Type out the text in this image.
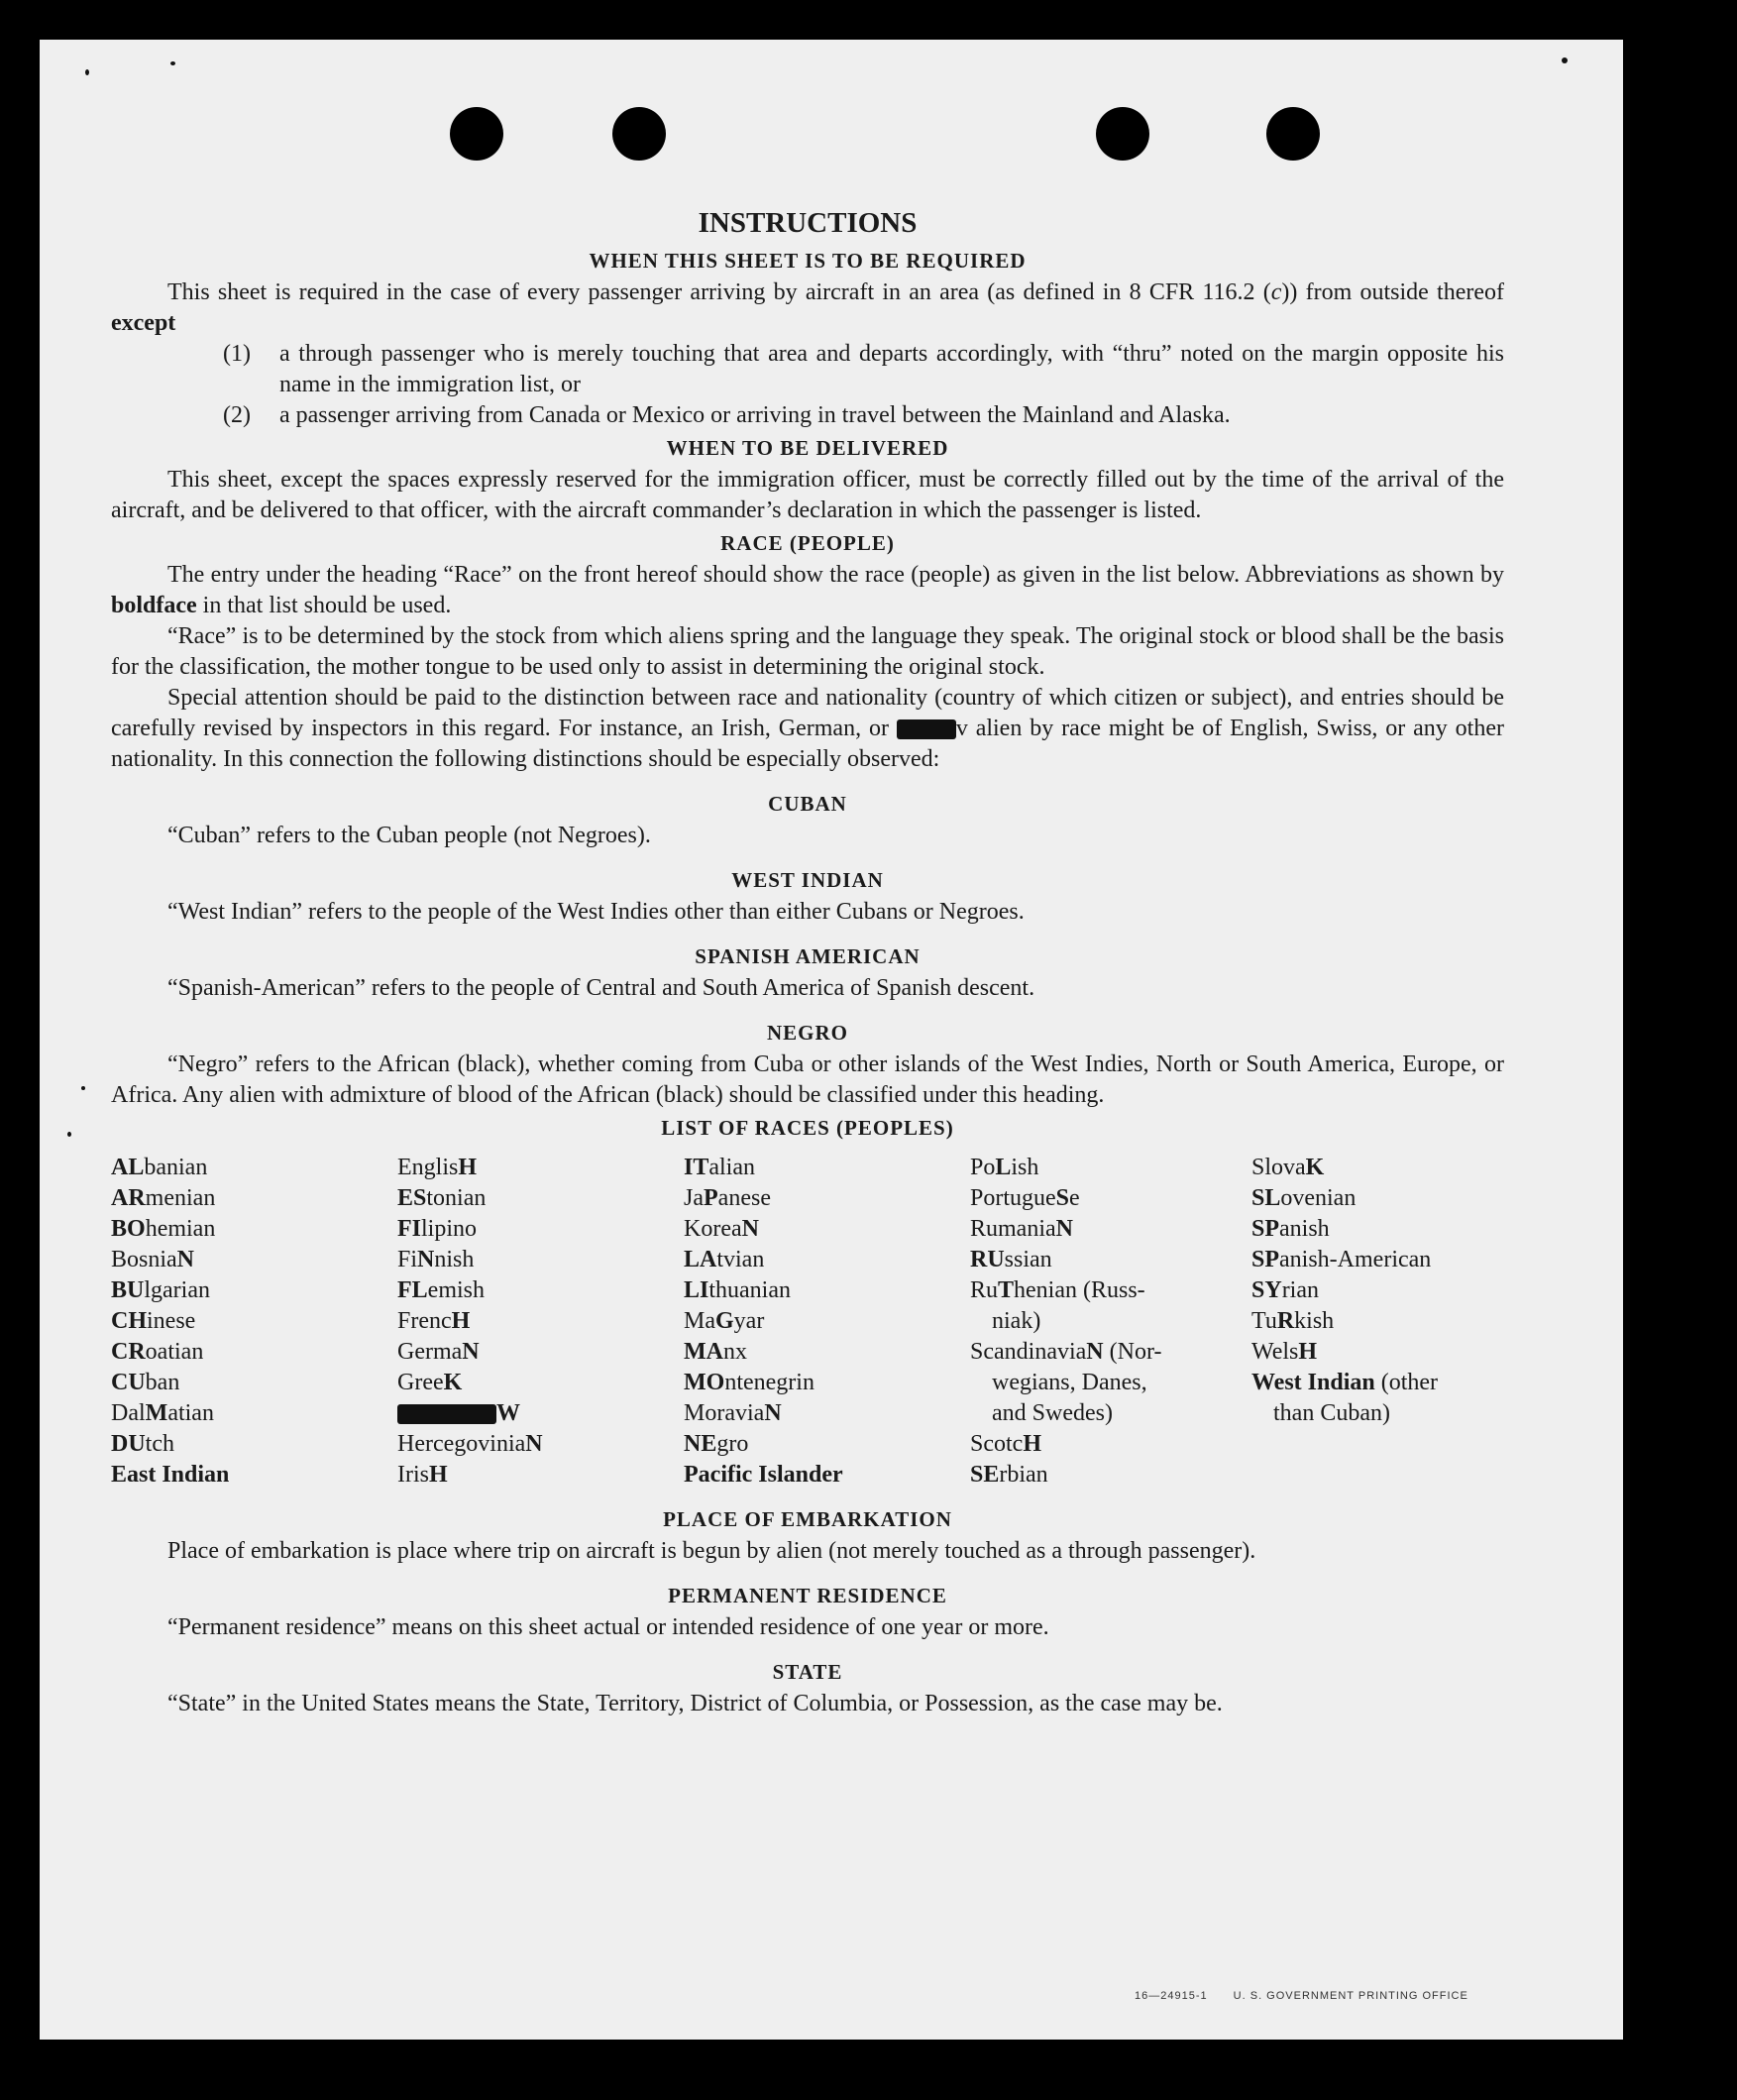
INSTRUCTIONS
WHEN THIS SHEET IS TO BE REQUIRED

This sheet is required in the case of every passenger arriving by aircraft in an area (as defined in 8 CFR 116.2 (c)) from outside thereof except

(1)	a through passenger who is merely touching that area and departs accordingly, with “thru” noted on the margin opposite his name in the immigration list, or
(2)	a passenger arriving from Canada or Mexico or arriving in travel between the Mainland and Alaska.
WHEN TO BE DELIVERED

This sheet, except the spaces expressly reserved for the immigration officer, must be correctly filled out by the time of the arrival of the aircraft, and be delivered to that officer, with the aircraft commander’s declaration in which the passenger is listed.

RACE (PEOPLE)

The entry under the heading “Race” on the front hereof should show the race (people) as given in the list below. Abbreviations as shown by boldface in that list should be used.

“Race” is to be determined by the stock from which aliens spring and the language they speak. The original stock or blood shall be the basis for the classification, the mother tongue to be used only to assist in determining the original stock.

Special attention should be paid to the distinction between race and nationality (country of which citizen or subject), and entries should be carefully revised by inspectors in this regard. For instance, an Irish, German, or	v alien by race might be of English, Swiss, or any other nationality. In this connection the following distinctions should be especially observed:

CUBAN

“Cuban” refers to the Cuban people (not Negroes).

WEST INDIAN

“West Indian” refers to the people of the West Indies other than either Cubans or Negroes.

SPANISH AMERICAN

“Spanish-American” refers to the people of Central and South America of Spanish descent.

NEGRO

“Negro” refers to the African (black), whether coming from Cuba or other islands of the West Indies, North or South America, Europe, or Africa. Any alien with admixture of blood of the African (black) should be classified under this heading.

LIST OF RACES (PEOPLES)
ALbanian
ARmenian
BOhemian
BosniaN
BUlgarian
CHinese
CRoatian
CUban
DalMatian
DUtch
East Indian
EnglisH
EStonian
FIlipino
FiNnish
FLemish
FrencH
GermaN
GreeK
W
HercegoviniaN
IrisH
ITalian
JaPanese
KoreaN
LAtvian
LIthuanian
MaGyar
MAnx
MOntenegrin
MoraviaN
NEgro
Pacific Islander
PoLish
PortugueSe
RumaniaN
RUssian
RuThenian (Russ-
niak)
ScandinaviaN (Nor-
wegians, Danes,
and Swedes)
ScotcH
SErbian
SlovaK
SLovenian
SPanish
SPanish-American
SYrian
TuRkish
WelsH
West Indian (other
than Cuban)
PLACE OF EMBARKATION

Place of embarkation is place where trip on aircraft is begun by alien (not merely touched as a through passenger).

PERMANENT RESIDENCE

“Permanent residence” means on this sheet actual or intended residence of one year or more.

STATE

“State” in the United States means the State, Territory, District of Columbia, or Possession, as the case may be.

16—24915-1 U. S. GOVERNMENT PRINTING OFFICE
